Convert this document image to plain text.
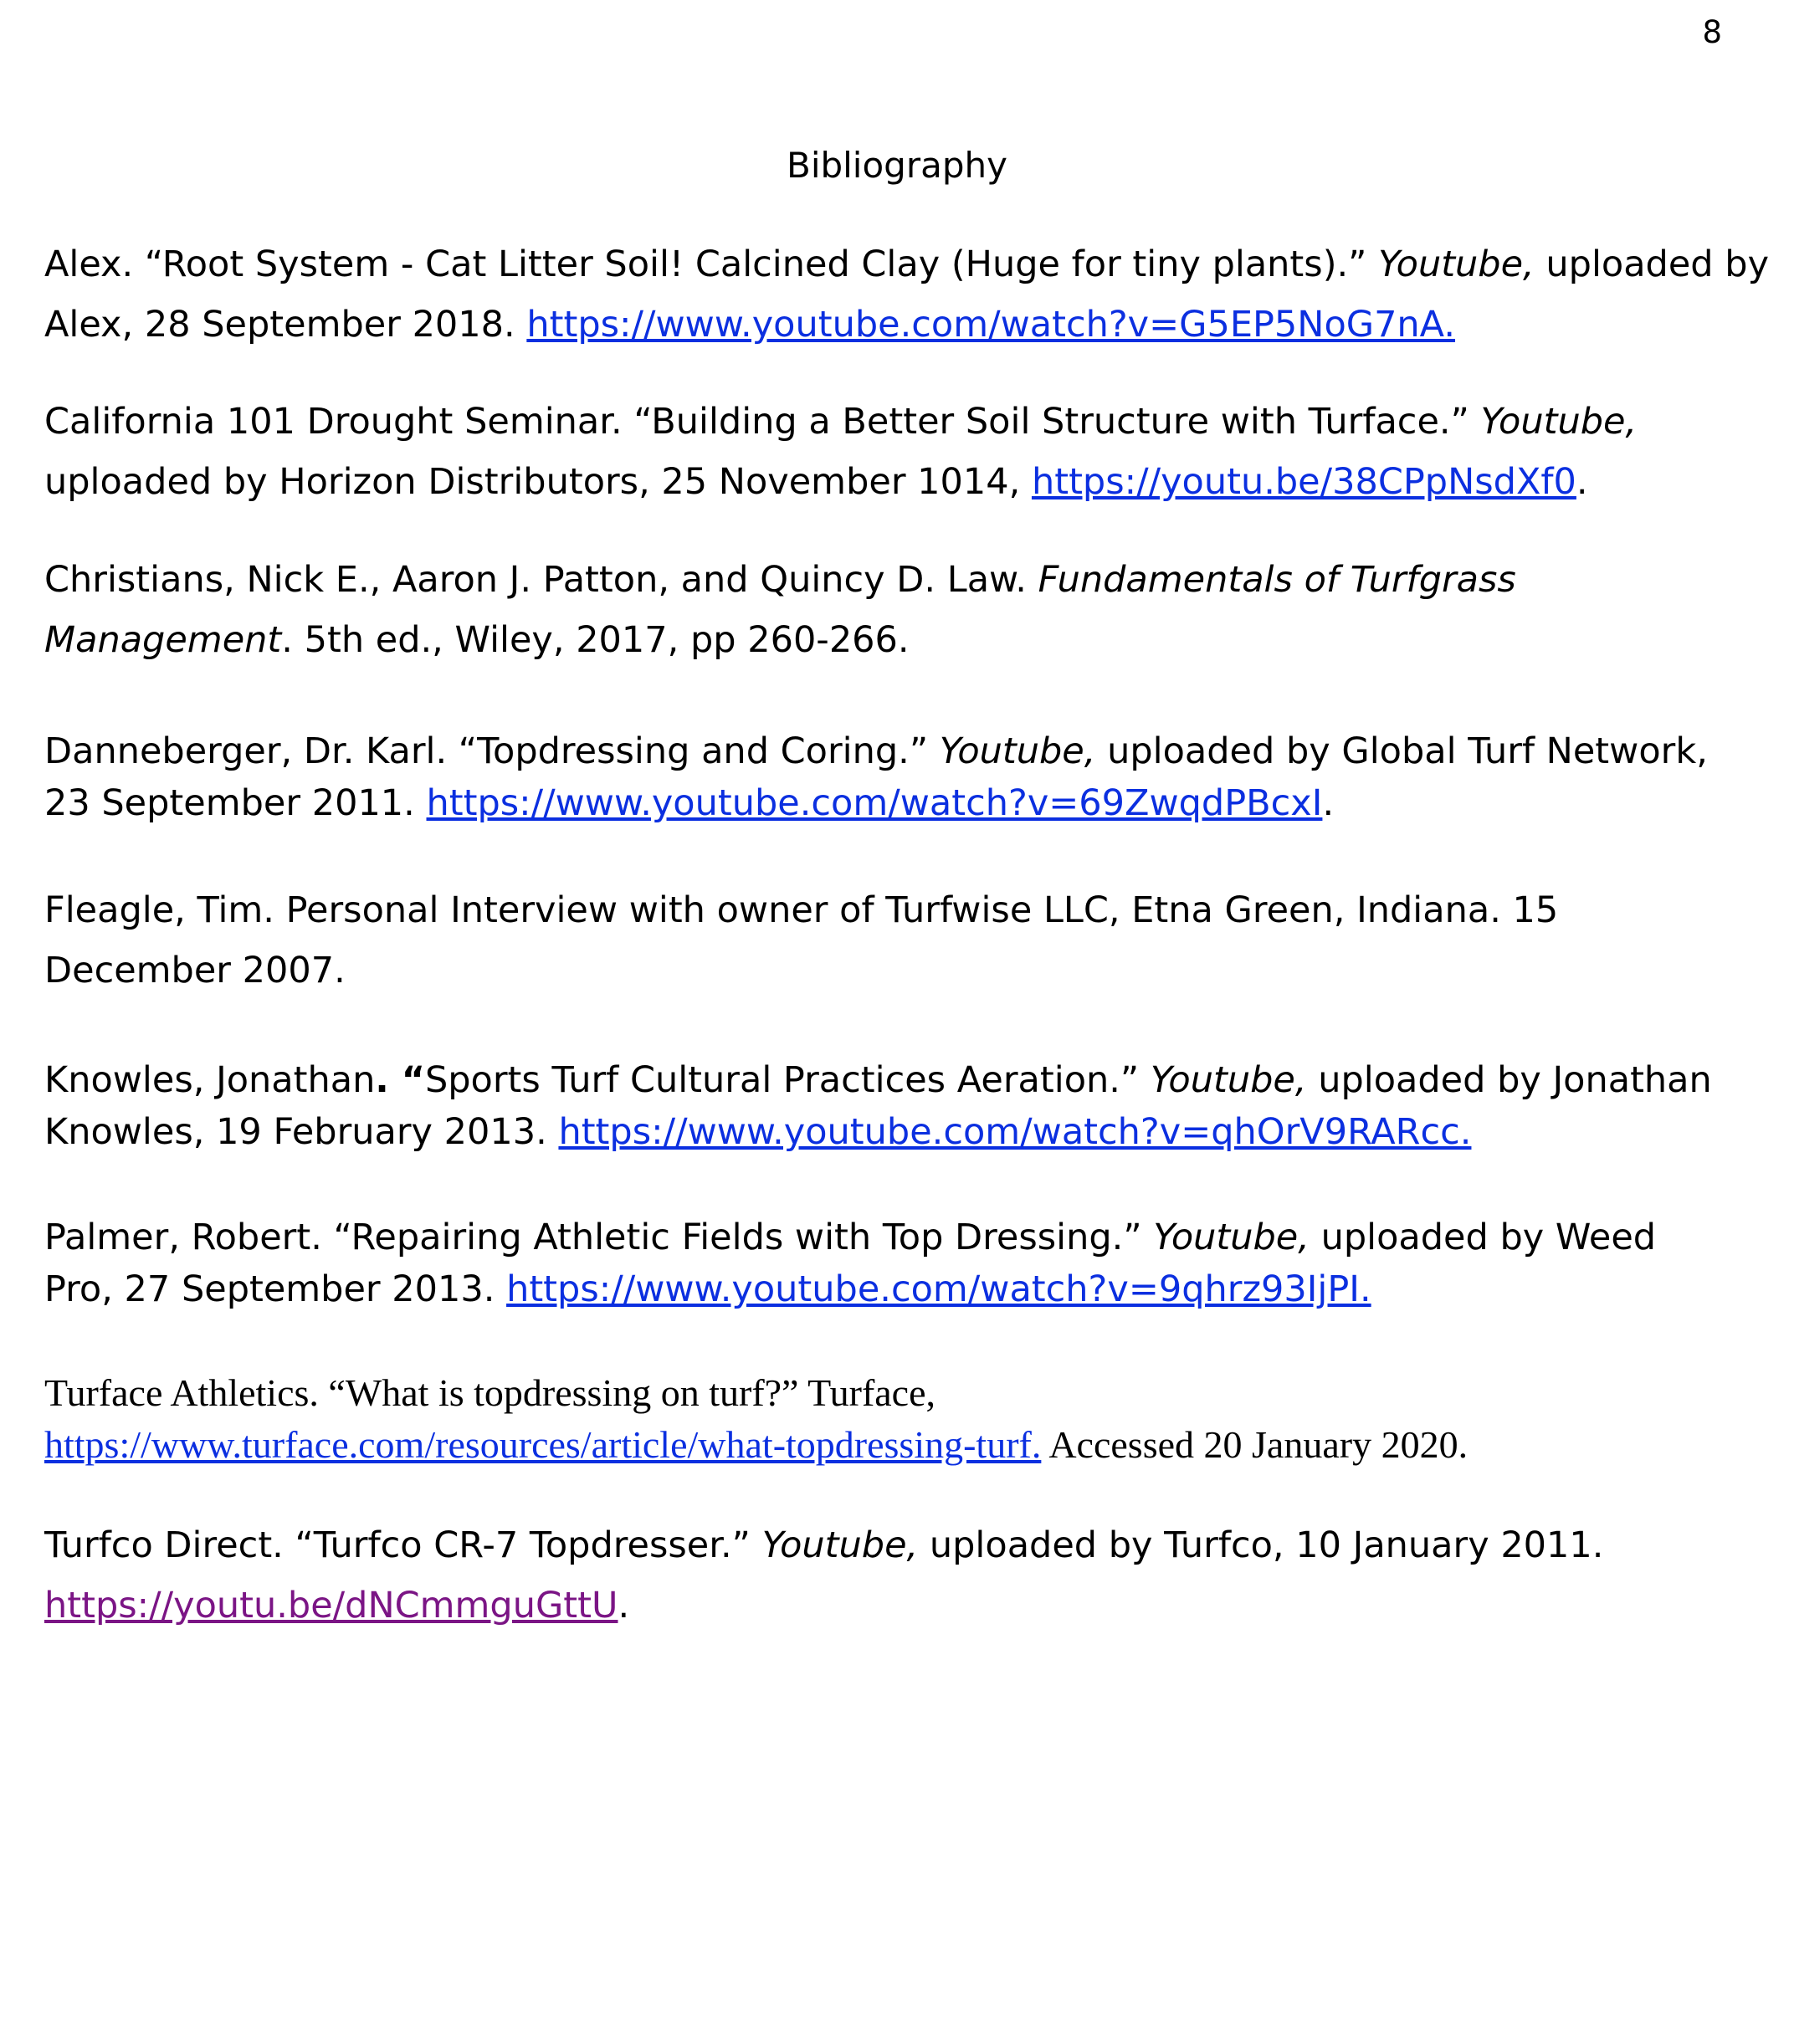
8
Bibliography
Alex. “Root System - Cat Litter Soil! Calcined Clay (Huge for tiny plants).” Youtube, uploaded by
Alex, 28 September 2018. https://www.youtube.com/watch?v=G5EP5NoG7nA.
California 101 Drought Seminar. “Building a Better Soil Structure with Turface.” Youtube,
uploaded by Horizon Distributors, 25 November 1014, https://youtu.be/38CPpNsdXf0.
Christians, Nick E., Aaron J. Patton, and Quincy D. Law. Fundamentals of Turfgrass
Management. 5th ed., Wiley, 2017, pp 260-266.
Danneberger, Dr. Karl. “Topdressing and Coring.” Youtube, uploaded by Global Turf Network,
23 September 2011. https://www.youtube.com/watch?v=69ZwqdPBcxI.
Fleagle, Tim. Personal Interview with owner of Turfwise LLC, Etna Green, Indiana. 15
December 2007.
Knowles, Jonathan. “Sports Turf Cultural Practices Aeration.” Youtube, uploaded by Jonathan
Knowles, 19 February 2013. https://www.youtube.com/watch?v=qhOrV9RARcc.
Palmer, Robert. “Repairing Athletic Fields with Top Dressing.” Youtube, uploaded by Weed
Pro, 27 September 2013. https://www.youtube.com/watch?v=9qhrz93IjPI.
Turface Athletics. “What is topdressing on turf?” Turface,
https://www.turface.com/resources/article/what-topdressing-turf. Accessed 20 January 2020.
Turfco Direct. “Turfco CR-7 Topdresser.” Youtube, uploaded by Turfco, 10 January 2011.
https://youtu.be/dNCmmguGttU.
